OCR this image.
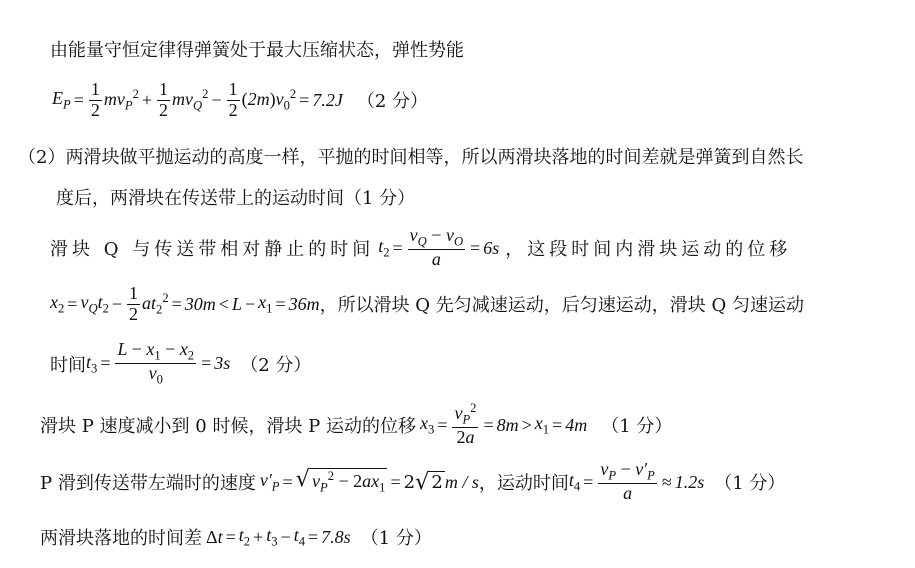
由能量守恒定律得弹簧处于最大压缩状态，弹性势能
$E_P = \frac{1}{2} mv_P^2 + \frac{1}{2} mv_Q^2 - \frac{1}{2} (2m)v_0^2 = 7.2J$ （2 分）
（2）两滑块做平抛运动的高度一样，平抛的时间相等，所以两滑块落地的时间差就是弹簧到自然长
度后，两滑块在传送带上的运动时间（1 分）
滑块 Q 与传送带相对静止的时间 $t_2 = \frac{v_Q - v_O}{a} = 6s$ ，这段时间内滑块运动的位移
$x_2 = v_Qt_2 - \frac{1}{2} at_2^2 = 30m < L - x_1 = 36m$ ，所以滑块 Q 先匀减速运动，后匀速运动，滑块 Q 匀速运动
时间 $t_3 = \frac{L - x_1 - x_2}{v_0} = 3s$ （2 分）
滑块 P 速度减小到 0 时候，滑块 P 运动的位移 $x_3 = \frac{v_P^2}{2a} = 8m > x_1 = 4m$ （1 分）
P 滑到传送带左端时的速度 $v'_P$ = √ $v_P^2 - 2ax_1 = 2$ √ 2 m / s ，运动时间 $t_4 = \frac{v_P - v'_P}{a} \approx 1.2s$ （1 分）
两滑块落地的时间差 $\Delta t = t_2 + t_3 - t_4 = 7.8s$ （1 分）
